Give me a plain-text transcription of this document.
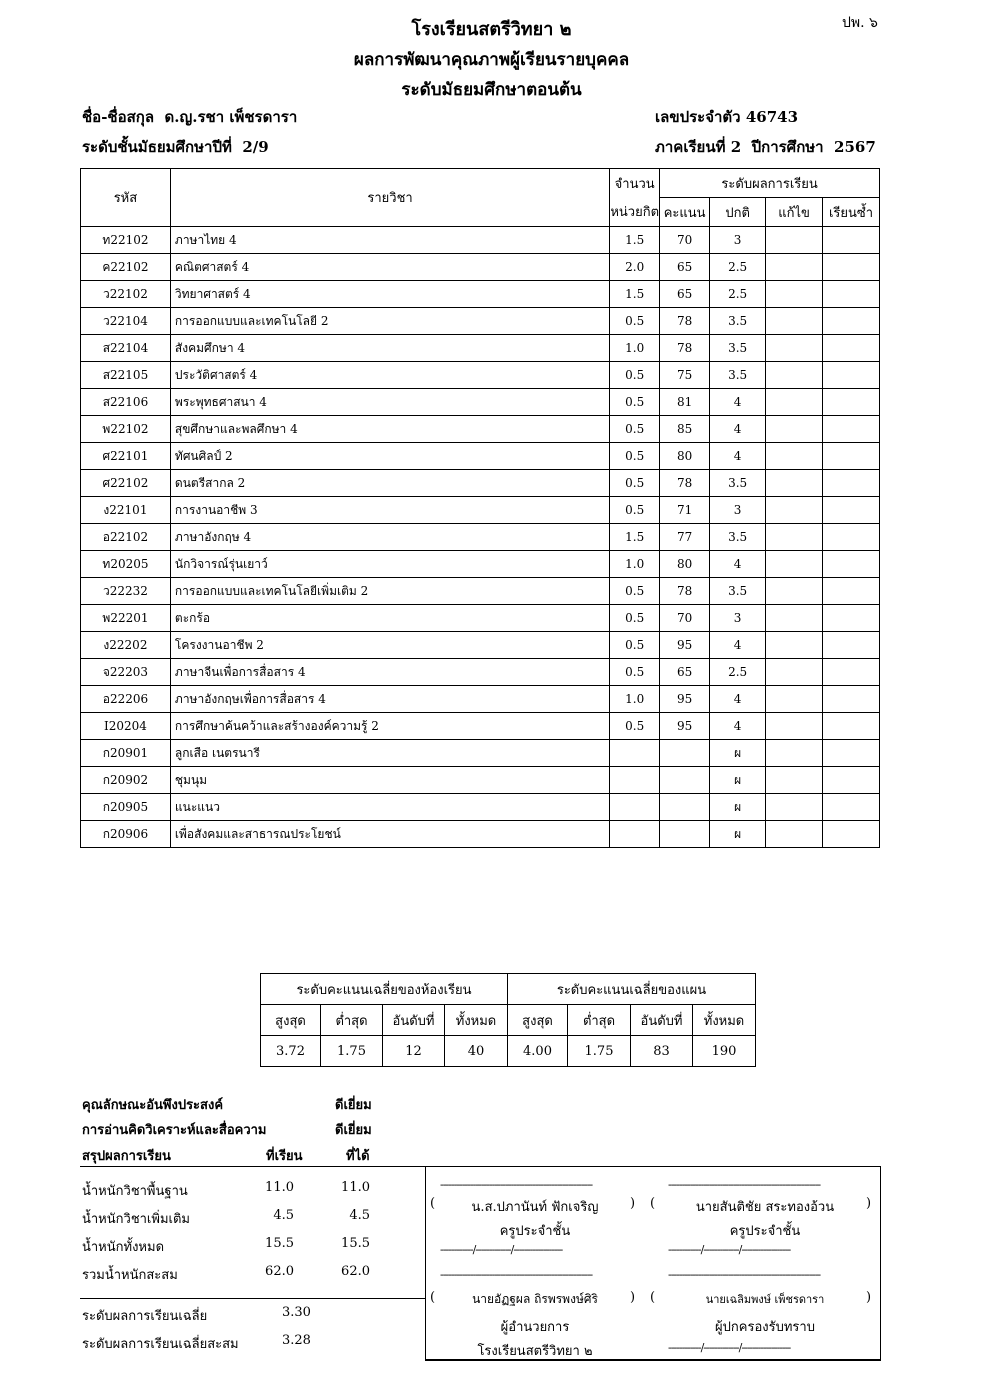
ปพ. ๖
โรงเรียนสตรีวิทยา ๒
ผลการพัฒนาคุณภาพผู้เรียนรายบุคคล
ระดับมัธยมศึกษาตอนต้น
ชื่อ-ชื่อสกุล ด.ญ.รชา เพ็ชรดารา	เลขประจำตัว 46743
ระดับชั้นมัธยมศึกษาปีที่ 2/9	ภาคเรียนที่ 2 ปีการศึกษา 2567
รหัส	รายวิชา	จำนวน	ระดับผลการเรียน			
		หน่วยกิต	คะแนน	ปกติ	แก้ไข	เรียนซ้ำ
ท22102	ภาษาไทย 4	1.5	70	3		
ค22102	คณิตศาสตร์ 4	2.0	65	2.5		
ว22102	วิทยาศาสตร์ 4	1.5	65	2.5		
ว22104	การออกแบบและเทคโนโลยี 2	0.5	78	3.5		
ส22104	สังคมศึกษา 4	1.0	78	3.5		
ส22105	ประวัติศาสตร์ 4	0.5	75	3.5		
ส22106	พระพุทธศาสนา 4	0.5	81	4		
พ22102	สุขศึกษาและพลศึกษา 4	0.5	85	4		
ศ22101	ทัศนศิลป์ 2	0.5	80	4		
ศ22102	ดนตรีสากล 2	0.5	78	3.5		
ง22101	การงานอาชีพ 3	0.5	71	3		
อ22102	ภาษาอังกฤษ 4	1.5	77	3.5		
ท20205	นักวิจารณ์รุ่นเยาว์	1.0	80	4		
ว22232	การออกแบบและเทคโนโลยีเพิ่มเติม 2	0.5	78	3.5		
พ22201	ตะกร้อ	0.5	70	3		
ง22202	โครงงานอาชีพ 2	0.5	95	4		
จ22203	ภาษาจีนเพื่อการสื่อสาร 4	0.5	65	2.5		
อ22206	ภาษาอังกฤษเพื่อการสื่อสาร 4	1.0	95	4		
I20204	การศึกษาค้นคว้าและสร้างองค์ความรู้ 2	0.5	95	4		
ก20901	ลูกเสือ เนตรนารี			ผ		
ก20902	ชุมนุม			ผ		
ก20905	แนะแนว			ผ		
ก20906	เพื่อสังคมและสาธารณประโยชน์			ผ		
ระดับคะแนนเฉลี่ยของห้องเรียน				ระดับคะแนนเฉลี่ยของแผน			
สูงสุด	ต่ำสุด	อันดับที่	ทั้งหมด	สูงสุด	ต่ำสุด	อันดับที่	ทั้งหมด
3.72	1.75	12	40	4.00	1.75	83	190
คุณลักษณะอันพึงประสงค์	ดีเยี่ยม
การอ่านคิดวิเคราะห์และสื่อความ	ดีเยี่ยม
สรุปผลการเรียน	ที่เรียน	ที่ได้
น้ำหนักวิชาพื้นฐาน	11.0	11.0
น้ำหนักวิชาเพิ่มเติม	4.5	4.5
น้ำหนักทั้งหมด	15.5	15.5
รวมน้ำหนักสะสม	62.0	62.0
ระดับผลการเรียนเฉลี่ย	3.30
ระดับผลการเรียนเฉลี่ยสะสม	3.28
--------------------------------------------------------	--------------------------------------------------------
(	น.ส.ปภานันท์ ฟักเจริญ	) (	นายสันติชัย สระทองอ้วน	)
ครูประจำชั้น	ครูประจำชั้น
------------/-------------/------------------	------------/-------------/------------------
--------------------------------------------------------	--------------------------------------------------------
(	นายอัฏฐผล ถิรพรพงษ์ศิริ	) (	นายเฉลิมพงษ์ เพ็ชรดารา	)
ผู้อำนวยการ	ผู้ปกครองรับทราบ
โรงเรียนสตรีวิทยา ๒	------------/-------------/------------------
